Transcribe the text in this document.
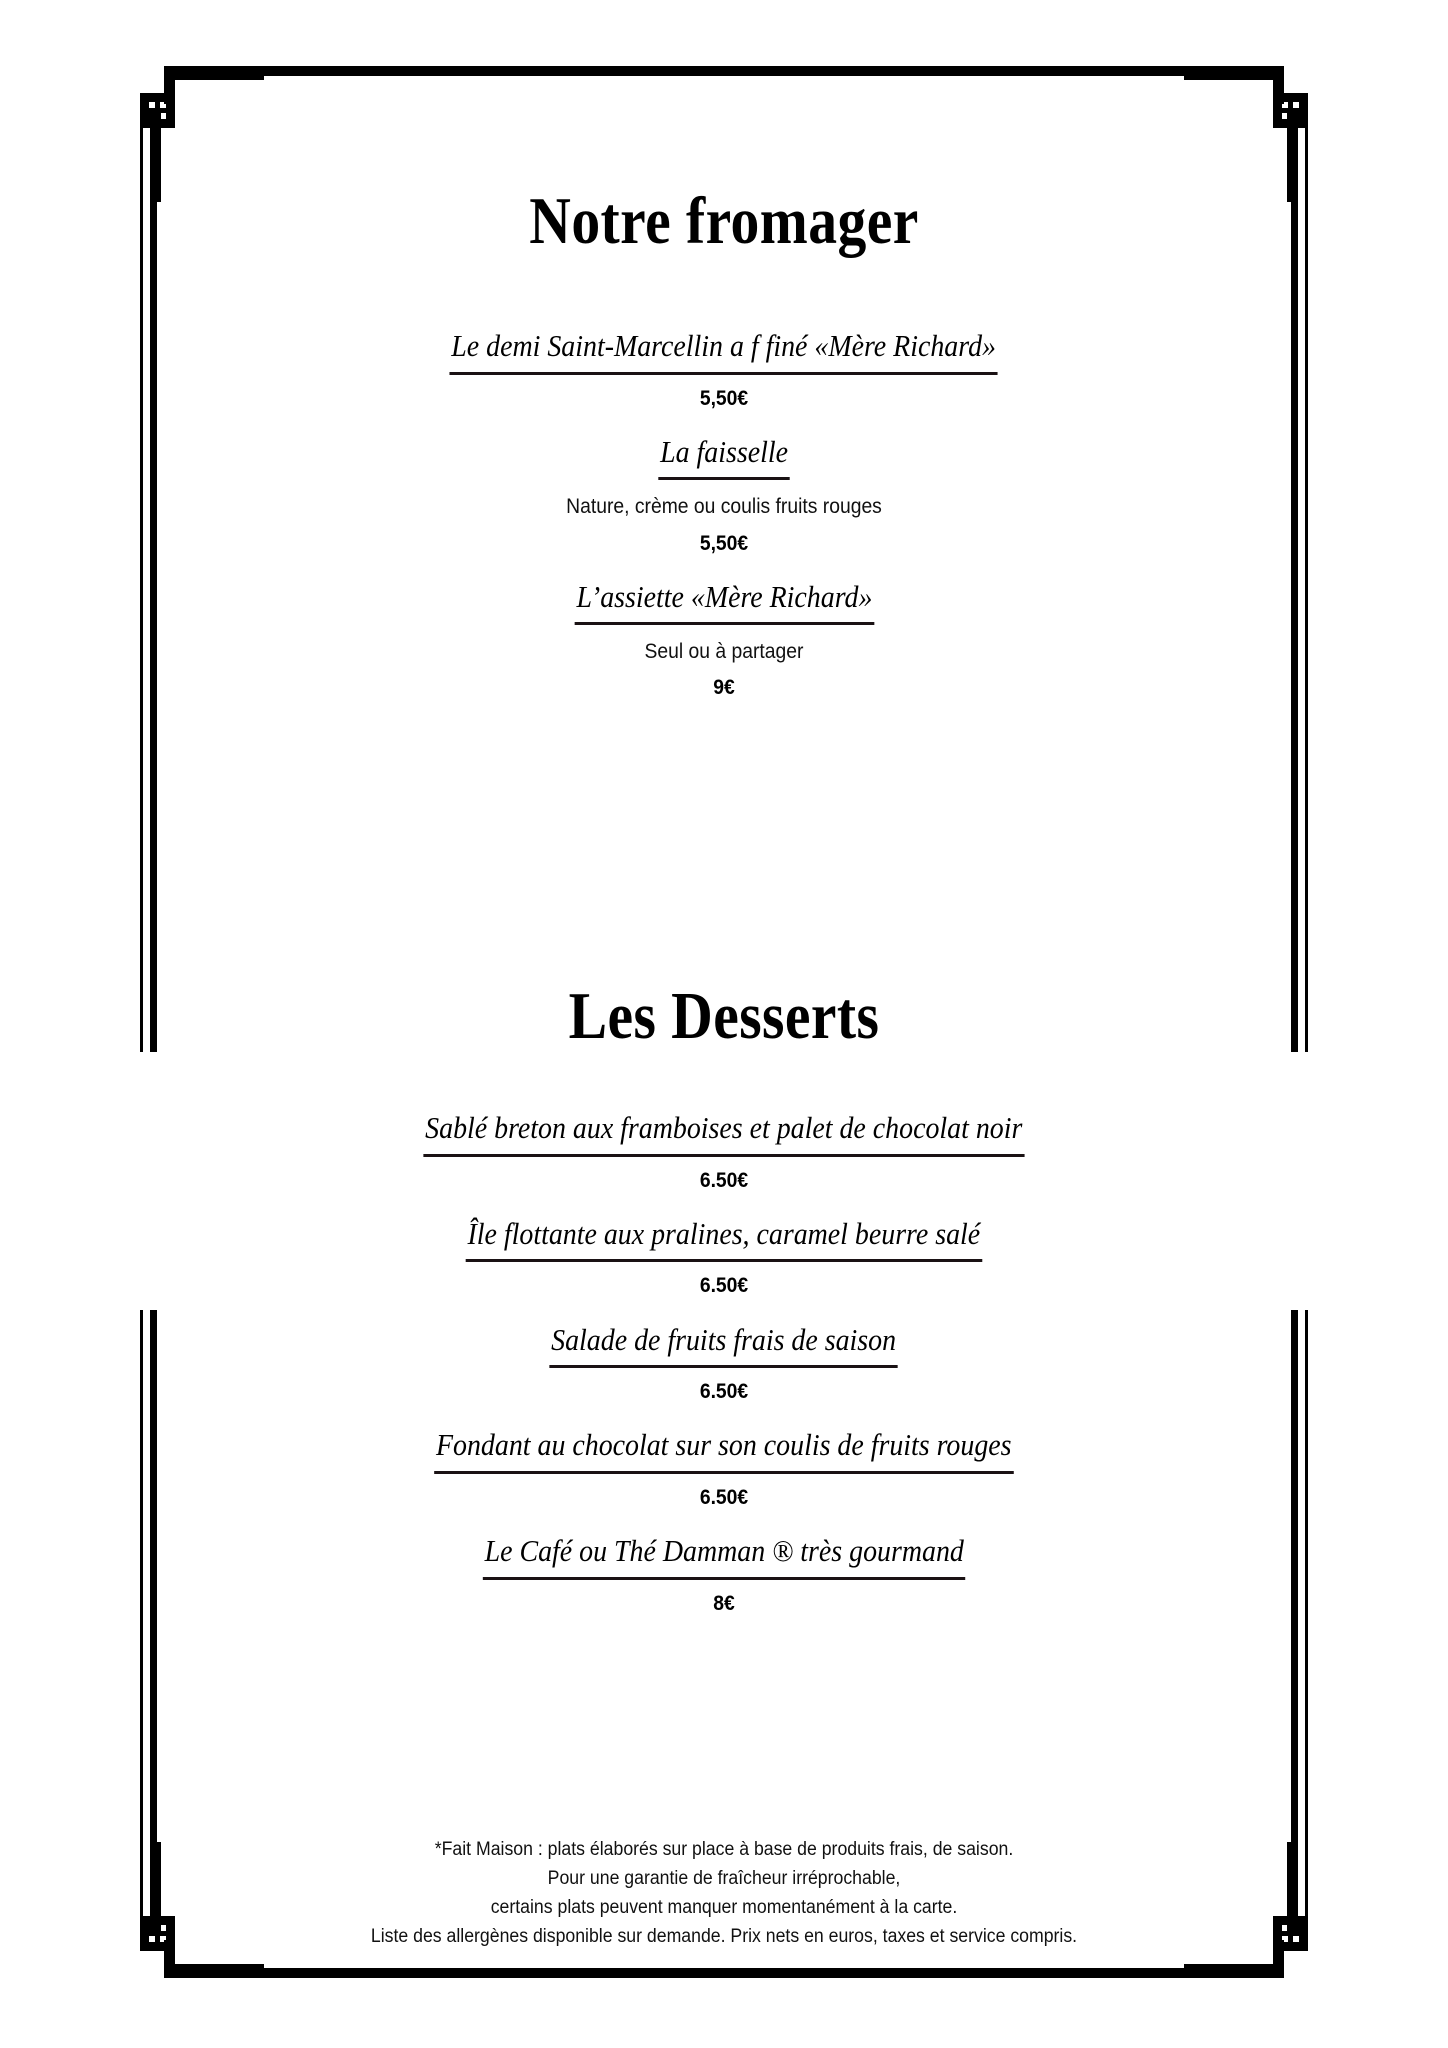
Notre fromager
Le demi Saint-Marcellin a f finé «Mère Richard»
5,50€
La faisselle
Nature, crème ou coulis fruits rouges
5,50€
L’assiette «Mère Richard»
Seul ou à partager
9€
Les Desserts
Sablé breton aux framboises et palet de chocolat noir
6.50€
Île flottante aux pralines, caramel beurre salé
6.50€
Salade de fruits frais de saison
6.50€
Fondant au chocolat sur son coulis de fruits rouges
6.50€
Le Café ou Thé Damman ® très gourmand
8€
*Fait Maison : plats élaborés sur place à base de produits frais, de saison.
Pour une garantie de fraîcheur irréprochable,
certains plats peuvent manquer momentanément à la carte.
Liste des allergènes disponible sur demande. Prix nets en euros, taxes et service compris.
